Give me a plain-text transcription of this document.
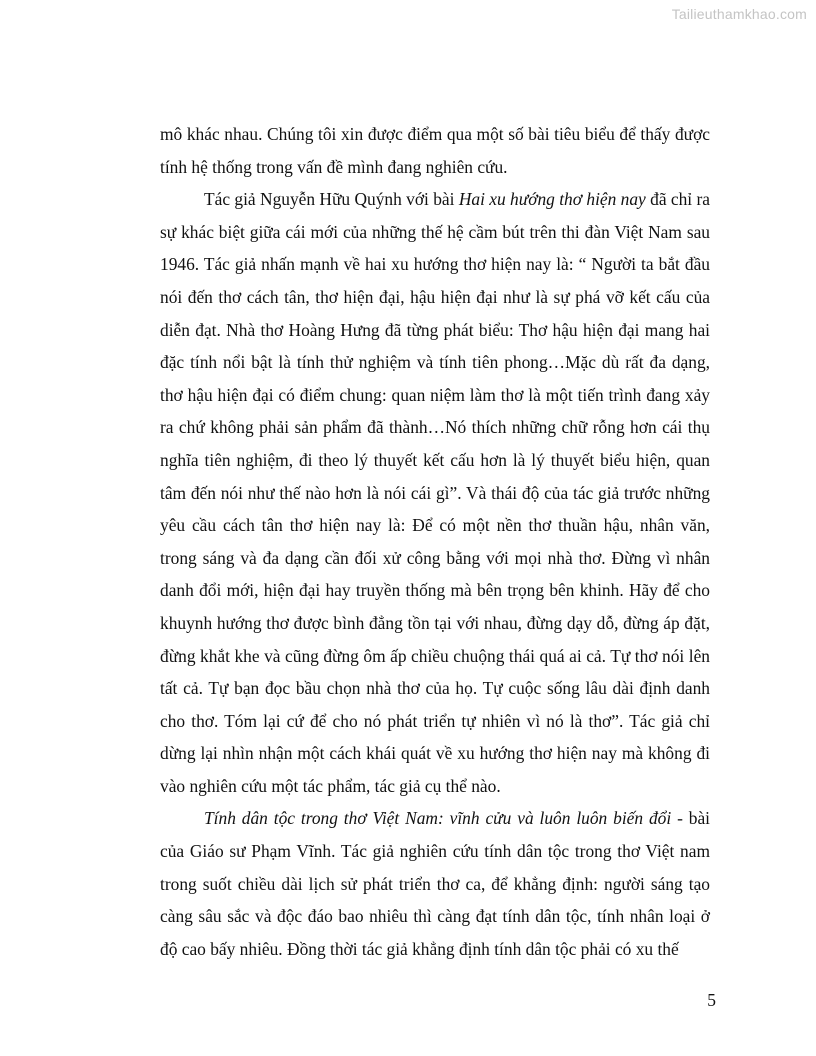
Tailieuthamkhao.com

mô khác nhau. Chúng tôi xin được điểm qua một số bài tiêu biểu để thấy được tính hệ thống trong vấn đề mình đang nghiên cứu.

Tác giả Nguyễn Hữu Quýnh với bài Hai xu hướng thơ hiện nay đã chỉ ra sự khác biệt giữa cái mới của những thế hệ cầm bút trên thi đàn Việt Nam sau 1946. Tác giả nhấn mạnh về hai xu hướng thơ hiện nay là: “ Người ta bắt đầu nói đến thơ cách tân, thơ hiện đại, hậu hiện đại như là sự phá vỡ kết cấu của diễn đạt. Nhà thơ Hoàng Hưng đã từng phát biểu: Thơ hậu hiện đại mang hai đặc tính nổi bật là tính thử nghiệm và tính tiên phong…Mặc dù rất đa dạng, thơ hậu hiện đại có điểm chung: quan niệm làm thơ là một tiến trình đang xảy ra chứ không phải sản phẩm đã thành…Nó thích những chữ rỗng hơn cái thụ nghĩa tiên nghiệm, đi theo lý thuyết kết cấu hơn là lý thuyết biểu hiện, quan tâm đến nói như thế nào hơn là nói cái gì”. Và thái độ của tác giả trước những yêu cầu cách tân thơ hiện nay là: Để có một nền thơ thuần hậu, nhân văn, trong sáng và đa dạng cần đối xử công bằng với mọi nhà thơ. Đừng vì nhân danh đổi mới, hiện đại hay truyền thống mà bên trọng bên khinh. Hãy để cho khuynh hướng thơ được bình đẳng tồn tại với nhau, đừng dạy dỗ, đừng áp đặt, đừng khắt khe và cũng đừng ôm ấp chiều chuộng thái quá ai cả. Tự thơ nói lên tất cả. Tự bạn đọc bầu chọn nhà thơ của họ. Tự cuộc sống lâu dài định danh cho thơ. Tóm lại cứ để cho nó phát triển tự nhiên vì nó là thơ”. Tác giả chỉ dừng lại nhìn nhận một cách khái quát về xu hướng thơ hiện nay mà không đi vào nghiên cứu một tác phẩm, tác giả cụ thể nào.

Tính dân tộc trong thơ Việt Nam: vĩnh cửu và luôn luôn biến đổi - bài của Giáo sư Phạm Vĩnh. Tác giả nghiên cứu tính dân tộc trong thơ Việt nam trong suốt chiều dài lịch sử phát triển thơ ca, để khẳng định: người sáng tạo càng sâu sắc và độc đáo bao nhiêu thì càng đạt tính dân tộc, tính nhân loại ở độ cao bấy nhiêu. Đồng thời tác giả khẳng định tính dân tộc phải có xu thế

5
